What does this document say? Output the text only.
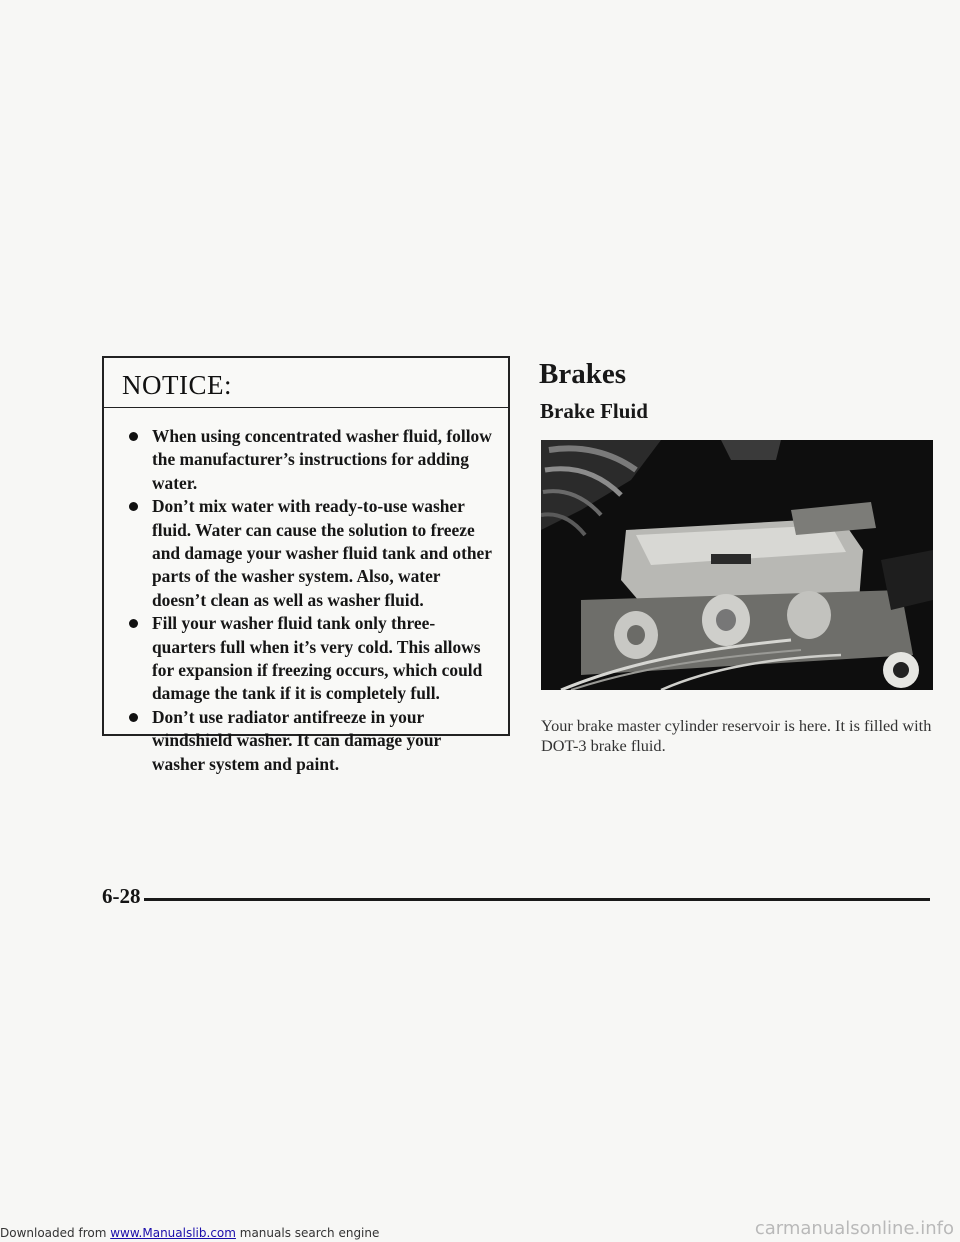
NOTICE:
When using concentrated washer fluid, follow the manufacturer’s instructions for adding water.
Don’t mix water with ready-to-use washer fluid. Water can cause the solution to freeze and damage your washer fluid tank and other parts of the washer system. Also, water doesn’t clean as well as washer fluid.
Fill your washer fluid tank only three-quarters full when it’s very cold. This allows for expansion if freezing occurs, which could damage the tank if it is completely full.
Don’t use radiator antifreeze in your windshield washer. It can damage your washer system and paint.
Brakes
Brake Fluid

Your brake master cylinder reservoir is here. It is filled with DOT-3 brake fluid.

6-28
Downloaded from www.Manualslib.com manuals search engine	carmanualsonline.info
